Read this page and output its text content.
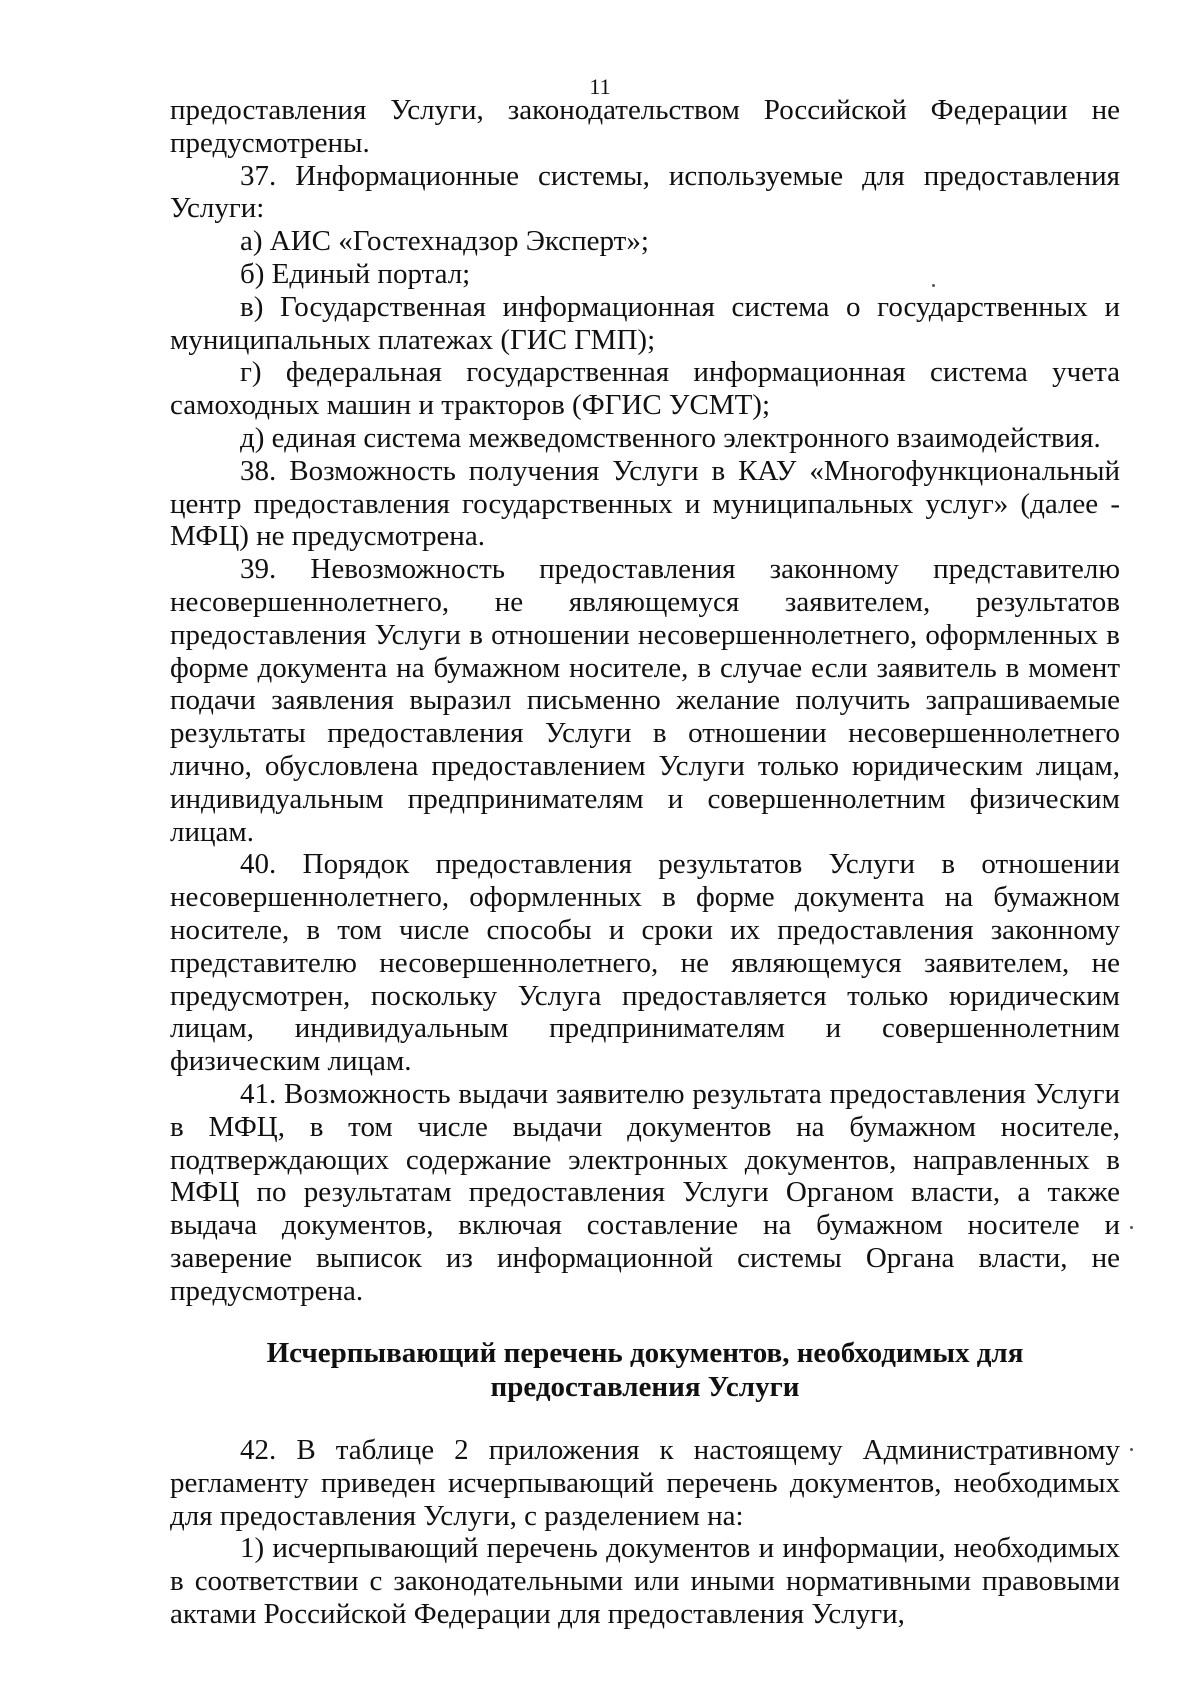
11

предоставления Услуги, законодательством Российской Федерации не предусмотрены.

37. Информационные системы, используемые для предоставления Услуги:

а) АИС «Гостехнадзор Эксперт»;

б) Единый портал;

в) Государственная информационная система о государственных и муниципальных платежах (ГИС ГМП);

г) федеральная государственная информационная система учета самоходных машин и тракторов (ФГИС УСМТ);

д) единая система межведомственного электронного взаимодействия.

38. Возможность получения Услуги в КАУ «Многофункциональный центр предоставления государственных и муниципальных услуг» (далее - МФЦ) не предусмотрена.

39. Невозможность предоставления законному представителю несовершеннолетнего, не являющемуся заявителем, результатов предоставления Услуги в отношении несовершеннолетнего, оформленных в форме документа на бумажном носителе, в случае если заявитель в момент подачи заявления выразил письменно желание получить запрашиваемые результаты предоставления Услуги в отношении несовершеннолетнего лично, обусловлена предоставлением Услуги только юридическим лицам, индивидуальным предпринимателям и совершеннолетним физическим лицам.

40. Порядок предоставления результатов Услуги в отношении несовершеннолетнего, оформленных в форме документа на бумажном носителе, в том числе способы и сроки их предоставления законному представителю несовершеннолетнего, не являющемуся заявителем, не предусмотрен, поскольку Услуга предоставляется только юридическим лицам, индивидуальным предпринимателям и совершеннолетним физическим лицам.

41. Возможность выдачи заявителю результата предоставления Услуги в МФЦ, в том числе выдачи документов на бумажном носителе, подтверждающих содержание электронных документов, направленных в МФЦ по результатам предоставления Услуги Органом власти, а также выдача документов, включая составление на бумажном носителе и заверение выписок из информационной системы Органа власти, не предусмотрена.

Исчерпывающий перечень документов, необходимых для
предоставления Услуги

42. В таблице 2 приложения к настоящему Административному регламенту приведен исчерпывающий перечень документов, необходимых для предоставления Услуги, с разделением на:

1) исчерпывающий перечень документов и информации, необходимых в соответствии с законодательными или иными нормативными правовыми актами Российской Федерации для предоставления Услуги,
